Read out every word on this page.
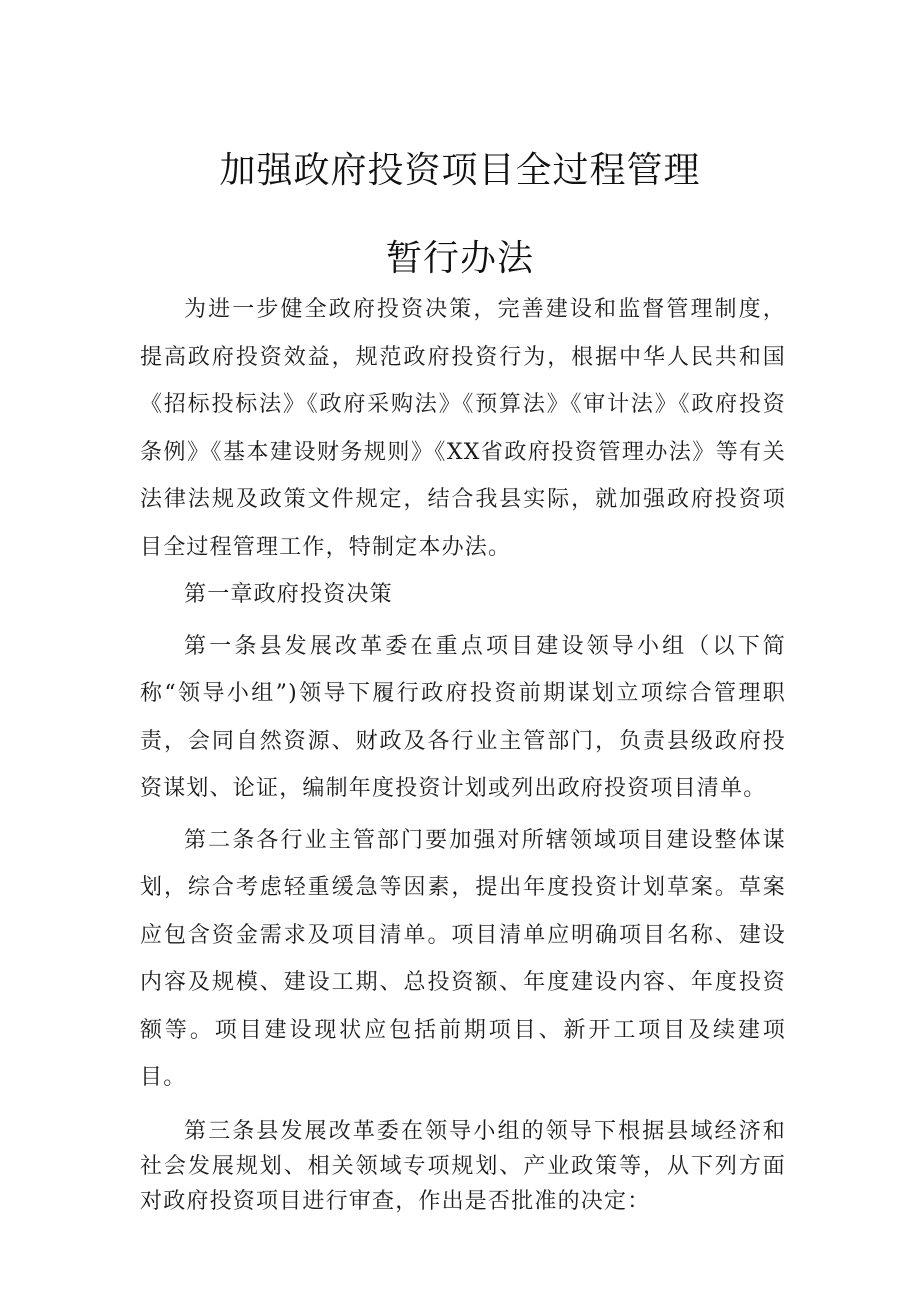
加强政府投资项目全过程管理
暂行办法

为进一步健全政府投资决策，完善建设和监督管理制度，提高政府投资效益，规范政府投资行为，根据中华人民共和国《招标投标法》《政府采购法》《预算法》《审计法》《政府投资条例》《基本建设财务规则》《XX省政府投资管理办法》等有关法律法规及政策文件规定，结合我县实际，就加强政府投资项目全过程管理工作，特制定本办法。

第一章政府投资决策

第一条县发展改革委在重点项目建设领导小组（以下简称“领导小组”)领导下履行政府投资前期谋划立项综合管理职责，会同自然资源、财政及各行业主管部门，负责县级政府投资谋划、论证，编制年度投资计划或列出政府投资项目清单。

第二条各行业主管部门要加强对所辖领域项目建设整体谋划，综合考虑轻重缓急等因素，提出年度投资计划草案。草案应包含资金需求及项目清单。项目清单应明确项目名称、建设内容及规模、建设工期、总投资额、年度建设内容、年度投资额等。项目建设现状应包括前期项目、新开工项目及续建项目。

第三条县发展改革委在领导小组的领导下根据县域经济和社会发展规划、相关领域专项规划、产业政策等，从下列方面对政府投资项目进行审查，作出是否批准的决定：
